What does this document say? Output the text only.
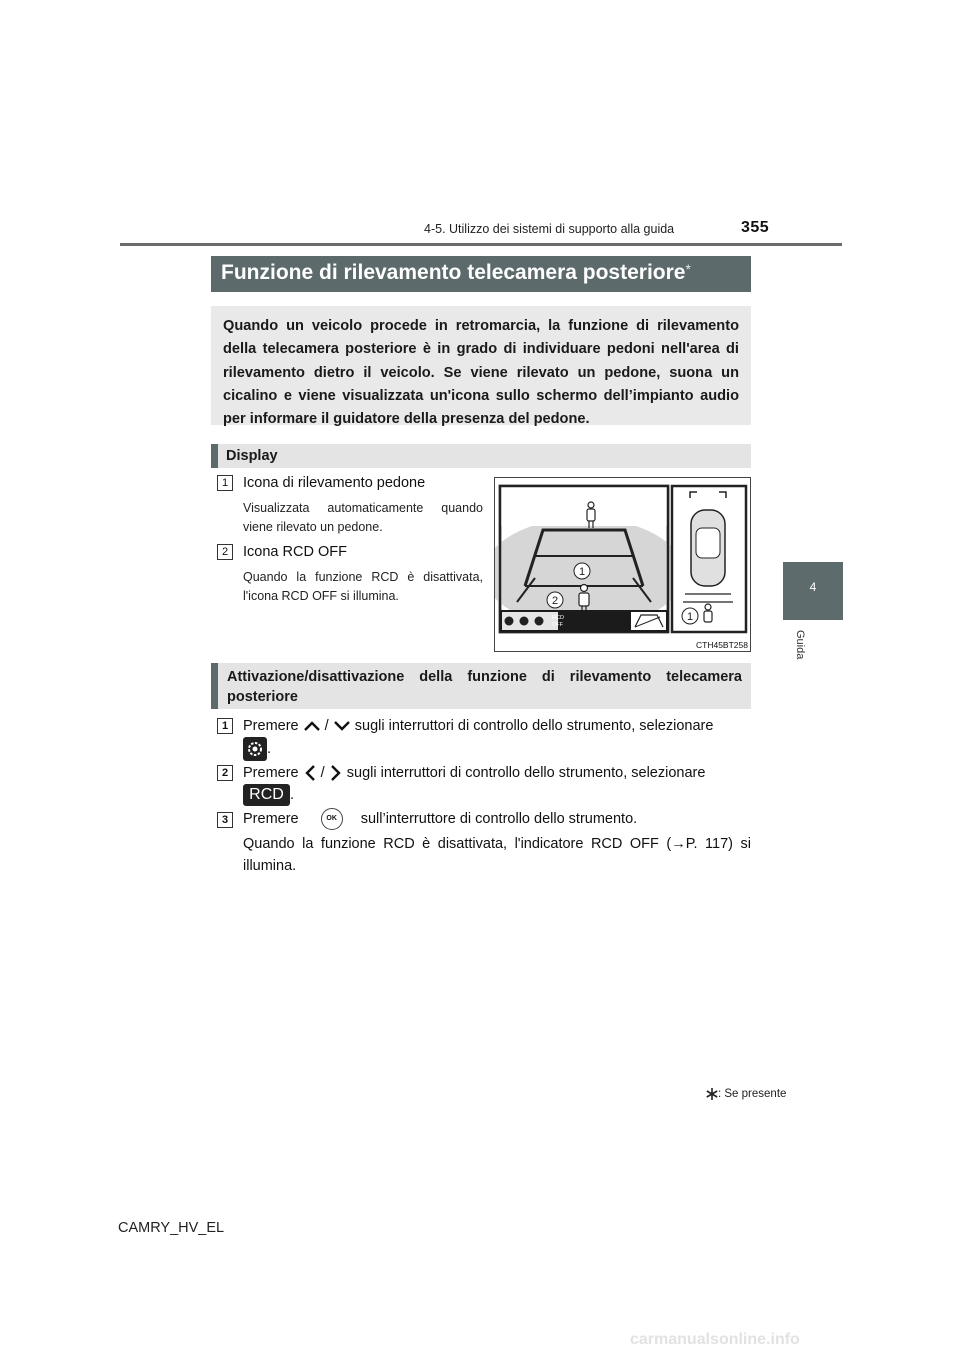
4-5. Utilizzo dei sistemi di supporto alla guida	355
4
Guida
Funzione di rilevamento telecamera posteriore*
Quando un veicolo procede in retromarcia, la funzione di rilevamento della telecamera posteriore è in grado di individuare pedoni nell'area di rilevamento dietro il veicolo. Se viene rilevato un pedone, suona un cicalino e viene visualizzata un'icona sullo schermo dell’impianto audio per informare il guidatore della presenza del pedone.
Display
1	Icona di rilevamento pedone
Visualizzata automaticamente quando viene rilevato un pedone.
2	Icona RCD OFF
Quando la funzione RCD è disattivata, l'icona RCD OFF si illumina.
RCD
OFF
1
2
1
CTH45BT258
Attivazione/disattivazione della funzione di rilevamento telecamera posteriore
1	Premere / sugli interruttori di controllo dello strumento, selezionare
.
2	Premere / sugli interruttori di controllo dello strumento, selezionare
RCD .
3	Premere	OK sull’interruttore di controllo dello strumento.
Quando la funzione RCD è disattivata, l'indicatore RCD OFF (→P. 117) si illumina.
: Se presente
CAMRY_HV_EL
carmanualsonline.info
